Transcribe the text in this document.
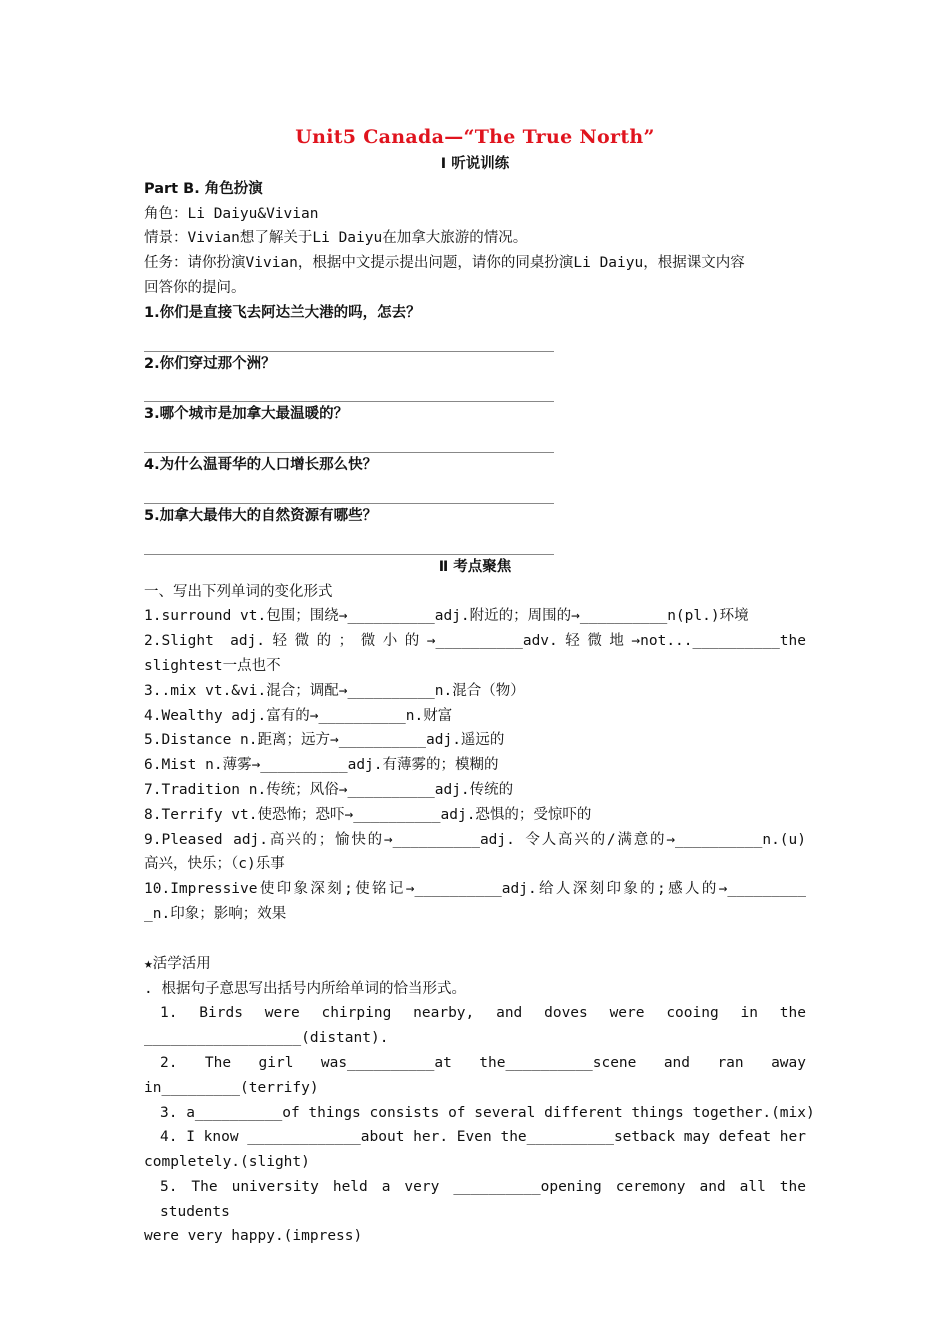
Unit5 Canada—“The True North”
Ⅰ 听说训练
Part B. 角色扮演
角色：Li Daiyu&Vivian
情景：Vivian想了解关于Li Daiyu在加拿大旅游的情况。
任务：请你扮演Vivian，根据中文提示提出问题，请你的同桌扮演Li Daiyu，根据课文内容
回答你的提问。
1.你们是直接飞去阿达兰大港的吗，怎去？
2.你们穿过那个洲？
3.哪个城市是加拿大最温暖的？
4.为什么温哥华的人口增长那么快？
5.加拿大最伟大的自然资源有哪些？
Ⅱ 考点聚焦
一、写出下列单词的变化形式
1.surround vt.包围；围绕→__________adj.附近的；周围的→__________n(pl.)环境
2.Slight adj.轻微的；微小的→__________adv.轻微地→not...__________the
slightest一点也不
3..mix vt.&vi.混合；调配→__________n.混合（物）
4.Wealthy adj.富有的→__________n.财富
5.Distance n.距离；远方→__________adj.遥远的
6.Mist n.薄雾→__________adj.有薄雾的；模糊的
7.Tradition n.传统；风俗→__________adj.传统的
8.Terrify vt.使恐怖；恐吓→__________adj.恐惧的；受惊吓的
9.Pleased adj.高兴的；愉快的→__________adj. 令人高兴的/满意的→__________n.(u)
高兴，快乐；（c)乐事
10.Impressive使印象深刻;使铭记→__________adj.给人深刻印象的;感人的→_________
_n.印象；影响；效果
★活学活用
. 根据句子意思写出括号内所给单词的恰当形式。
1. Birds were chirping nearby, and doves were cooing in the
__________________(distant).
2. The girl was__________at the__________scene and ran away
in_________(terrify)
3. a__________of things consists of several different things together.(mix)
4. I know _____________about her. Even the__________setback may defeat her
completely.(slight)
5. The university held a very __________opening ceremony and all the students
were very happy.(impress)
